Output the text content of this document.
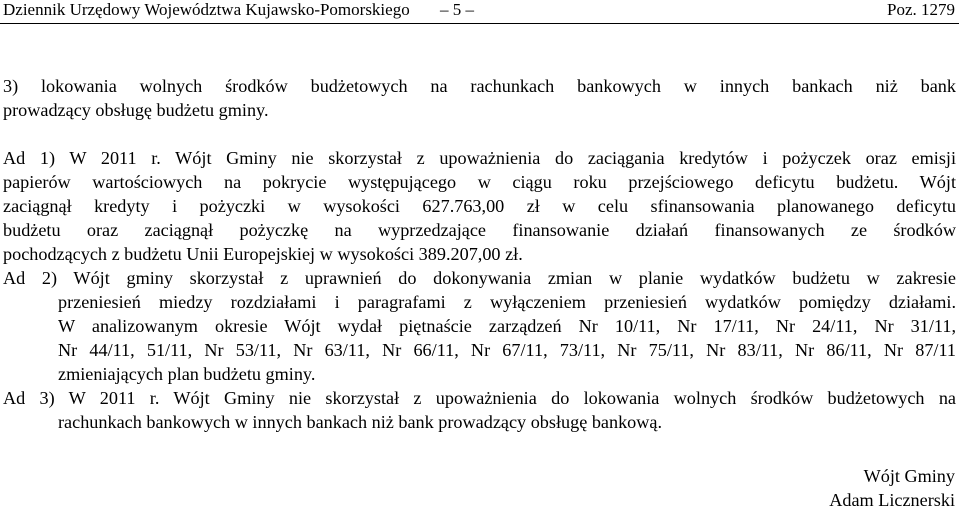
Dziennik Urzędowy Województwa Kujawsko-Pomorskiego – 5 –	Poz. 1279
3) lokowania wolnych środków budżetowych na rachunkach bankowych w innych bankach niż bank
prowadzący obsługę budżetu gminy.
Ad 1) W 2011 r. Wójt Gminy nie skorzystał z upoważnienia do zaciągania kredytów i pożyczek oraz emisji
papierów wartościowych na pokrycie występującego w ciągu roku przejściowego deficytu budżetu. Wójt
zaciągnął kredyty i pożyczki w wysokości 627.763,00 zł w celu sfinansowania planowanego deficytu
budżetu oraz zaciągnął pożyczkę na wyprzedzające finansowanie działań finansowanych ze środków
pochodzących z budżetu Unii Europejskiej w wysokości 389.207,00 zł.
Ad 2) Wójt gminy skorzystał z uprawnień do dokonywania zmian w planie wydatków budżetu w zakresie
przeniesień miedzy rozdziałami i paragrafami z wyłączeniem przeniesień wydatków pomiędzy działami.
W analizowanym okresie Wójt wydał piętnaście zarządzeń Nr 10/11, Nr 17/11, Nr 24/11, Nr 31/11,
Nr 44/11, 51/11, Nr 53/11, Nr 63/11, Nr 66/11, Nr 67/11, 73/11, Nr 75/11, Nr 83/11, Nr 86/11, Nr 87/11
zmieniających plan budżetu gminy.
Ad 3) W 2011 r. Wójt Gminy nie skorzystał z upoważnienia do lokowania wolnych środków budżetowych na
rachunkach bankowych w innych bankach niż bank prowadzący obsługę bankową.
Wójt Gminy
Adam Licznerski
